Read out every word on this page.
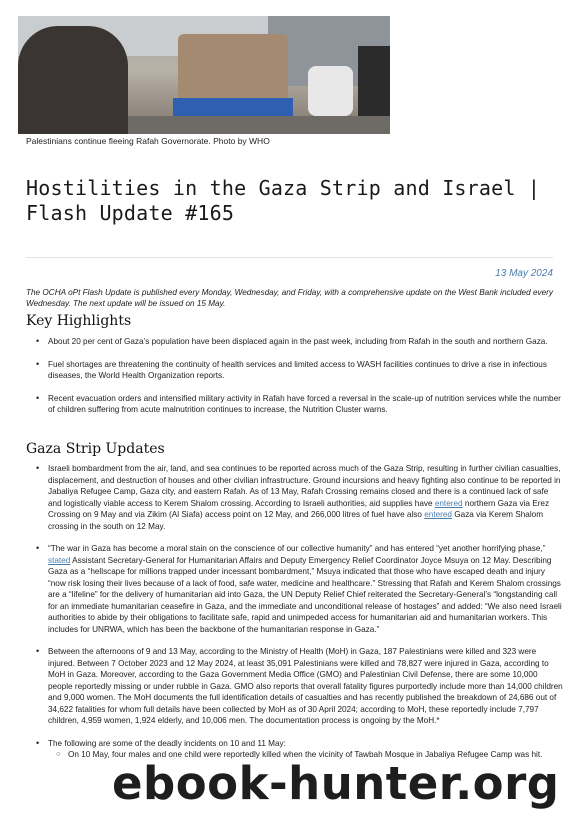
Palestinians continue fleeing Rafah Governorate. Photo by WHO
Hostilities in the Gaza Strip and Israel |
Flash Update #165
13 May 2024
The OCHA oPt Flash Update is published every Monday, Wednesday, and Friday, with a comprehensive update on the West Bank included every Wednesday. The next update will be issued on 15 May.
Key Highlights
• About 20 per cent of Gaza’s population have been displaced again in the past week, including from Rafah in the south and northern Gaza.
• Fuel shortages are threatening the continuity of health services and limited access to WASH facilities continues to drive a rise in infectious diseases, the World Health Organization reports.
• Recent evacuation orders and intensified military activity in Rafah have forced a reversal in the scale-up of nutrition services while the number of children suffering from acute malnutrition continues to increase, the Nutrition Cluster warns.
Gaza Strip Updates
• Israeli bombardment from the air, land, and sea continues to be reported across much of the Gaza Strip, resulting in further civilian casualties, displacement, and destruction of houses and other civilian infrastructure. Ground incursions and heavy fighting also continue to be reported in Jabaliya Refugee Camp, Gaza city, and eastern Rafah. As of 13 May, Rafah Crossing remains closed and there is a continued lack of safe and logistically viable access to Kerem Shalom crossing. According to Israeli authorities, aid supplies have entered northern Gaza via Erez Crossing on 9 May and via Zikim (Al Siafa) access point on 12 May, and 266,000 litres of fuel have also entered Gaza via Kerem Shalom crossing in the south on 12 May.
• “The war in Gaza has become a moral stain on the conscience of our collective humanity” and has entered “yet another horrifying phase,” stated Assistant Secretary-General for Humanitarian Affairs and Deputy Emergency Relief Coordinator Joyce Msuya on 12 May. Describing Gaza as a “hellscape for millions trapped under incessant bombardment,” Msuya indicated that those who have escaped death and injury “now risk losing their lives because of a lack of food, safe water, medicine and healthcare.” Stressing that Rafah and Kerem Shalom crossings are a “lifeline” for the delivery of humanitarian aid into Gaza, the UN Deputy Relief Chief reiterated the Secretary-General’s “longstanding call for an immediate humanitarian ceasefire in Gaza, and the immediate and unconditional release of hostages” and added: “We also need Israeli authorities to abide by their obligations to facilitate safe, rapid and unimpeded access for humanitarian aid and humanitarian workers. This includes for UNRWA, which has been the backbone of the humanitarian response in Gaza.”
• Between the afternoons of 9 and 13 May, according to the Ministry of Health (MoH) in Gaza, 187 Palestinians were killed and 323 were injured. Between 7 October 2023 and 12 May 2024, at least 35,091 Palestinians were killed and 78,827 were injured in Gaza, according to MoH in Gaza. Moreover, according to the Gaza Government Media Office (GMO) and Palestinian Civil Defense, there are some 10,000 people reportedly missing or under rubble in Gaza. GMO also reports that overall fatality figures purportedly include more than 14,000 children and 9,000 women. The MoH documents the full identification details of casualties and has recently published the breakdown of 24,686 out of 34,622 fatalities for whom full details have been collected by MoH as of 30 April 2024; according to MoH, these reportedly include 7,797 children, 4,959 women, 1,924 elderly, and 10,006 men. The documentation process is ongoing by the MoH.*
• The following are some of the deadly incidents on 10 and 11 May:
○ On 10 May, four males and one child were reportedly killed when the vicinity of Tawbah Mosque in Jabaliya Refugee Camp was hit.
ebook-hunter.org
